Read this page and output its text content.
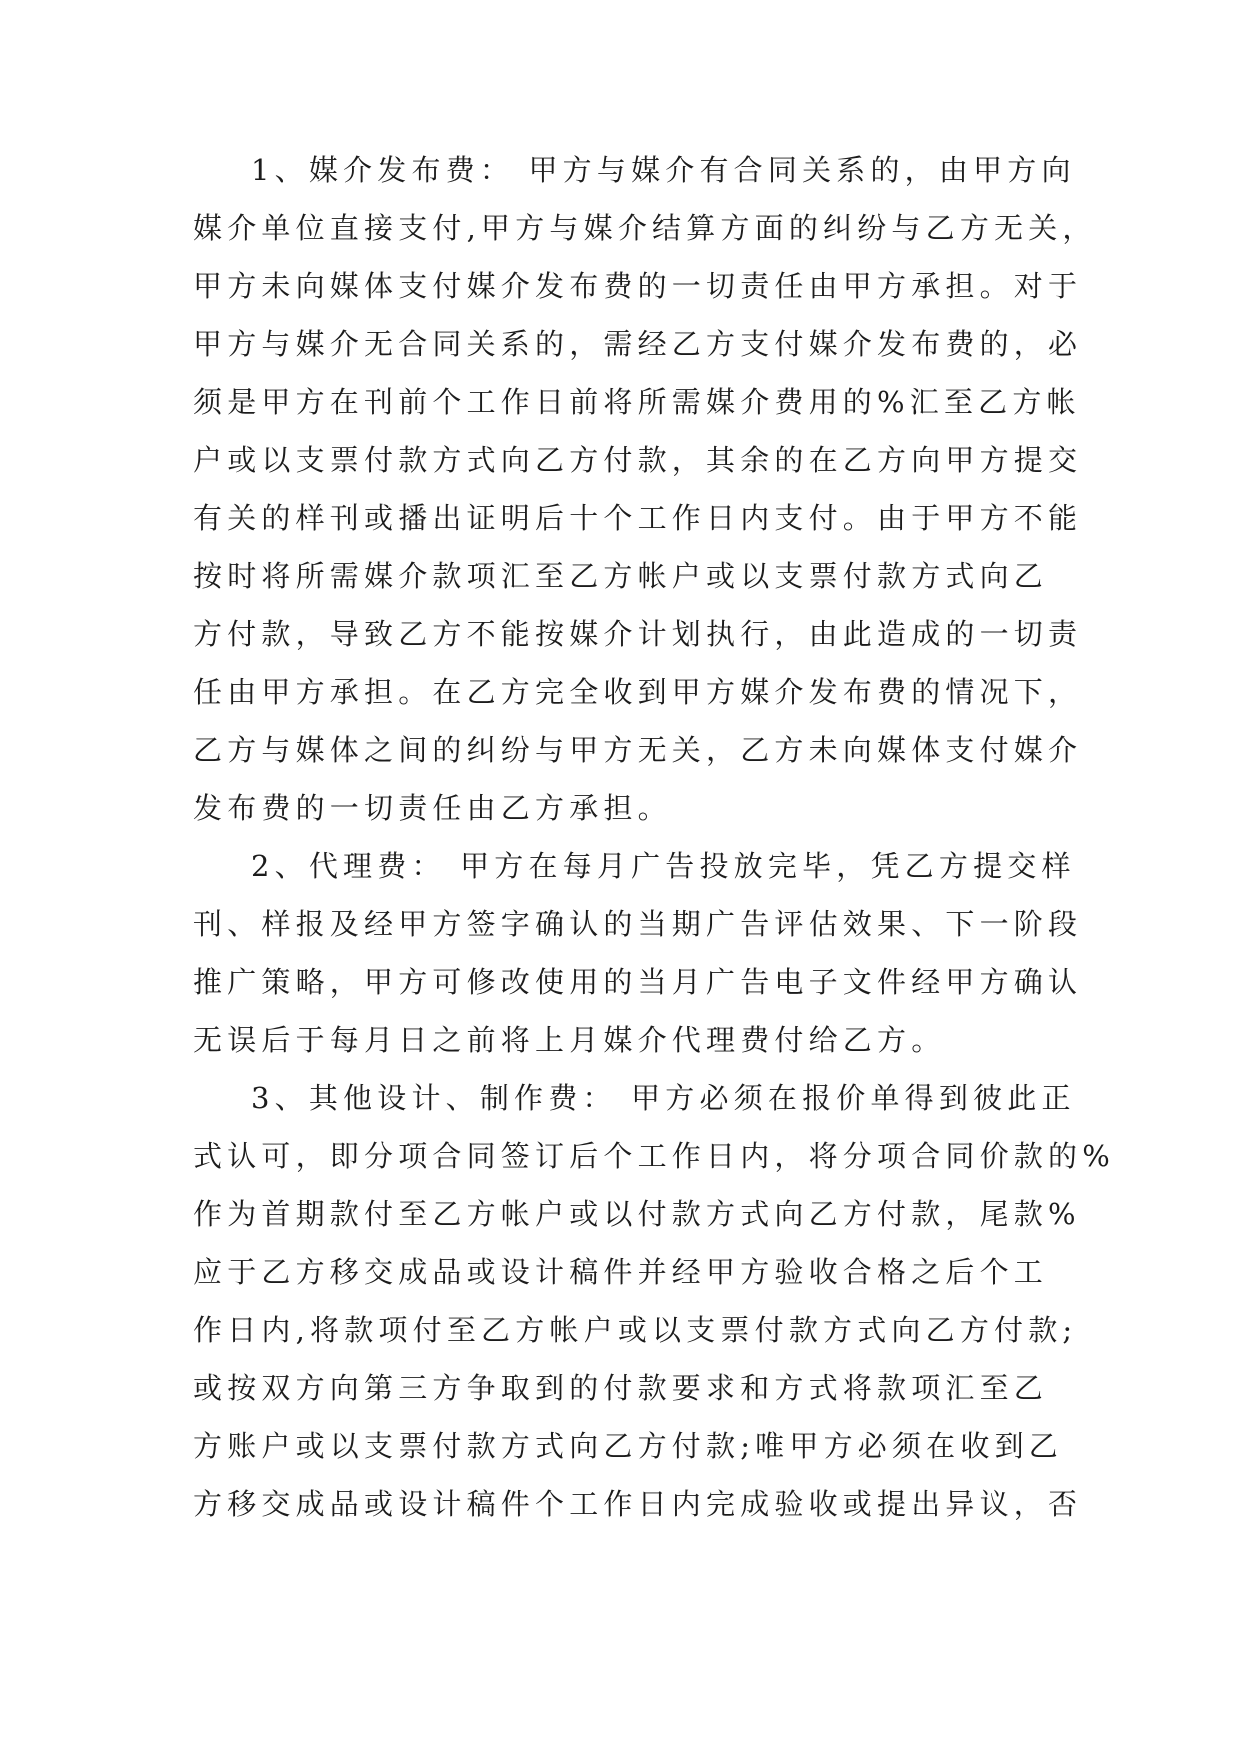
1、媒介发布费： 甲方与媒介有合同关系的，由甲方向
媒介单位直接支付,甲方与媒介结算方面的纠纷与乙方无关，
甲方未向媒体支付媒介发布费的一切责任由甲方承担。对于
甲方与媒介无合同关系的，需经乙方支付媒介发布费的，必
须是甲方在刊前个工作日前将所需媒介费用的%汇至乙方帐
户或以支票付款方式向乙方付款，其余的在乙方向甲方提交
有关的样刊或播出证明后十个工作日内支付。由于甲方不能
按时将所需媒介款项汇至乙方帐户或以支票付款方式向乙
方付款，导致乙方不能按媒介计划执行，由此造成的一切责
任由甲方承担。在乙方完全收到甲方媒介发布费的情况下，
乙方与媒体之间的纠纷与甲方无关，乙方未向媒体支付媒介
发布费的一切责任由乙方承担。
2、代理费： 甲方在每月广告投放完毕，凭乙方提交样
刊、样报及经甲方签字确认的当期广告评估效果、下一阶段
推广策略，甲方可修改使用的当月广告电子文件经甲方确认
无误后于每月日之前将上月媒介代理费付给乙方。
3、其他设计、制作费： 甲方必须在报价单得到彼此正
式认可，即分项合同签订后个工作日内，将分项合同价款的%
作为首期款付至乙方帐户或以付款方式向乙方付款，尾款%
应于乙方移交成品或设计稿件并经甲方验收合格之后个工
作日内,将款项付至乙方帐户或以支票付款方式向乙方付款;
或按双方向第三方争取到的付款要求和方式将款项汇至乙
方账户或以支票付款方式向乙方付款;唯甲方必须在收到乙
方移交成品或设计稿件个工作日内完成验收或提出异议，否
